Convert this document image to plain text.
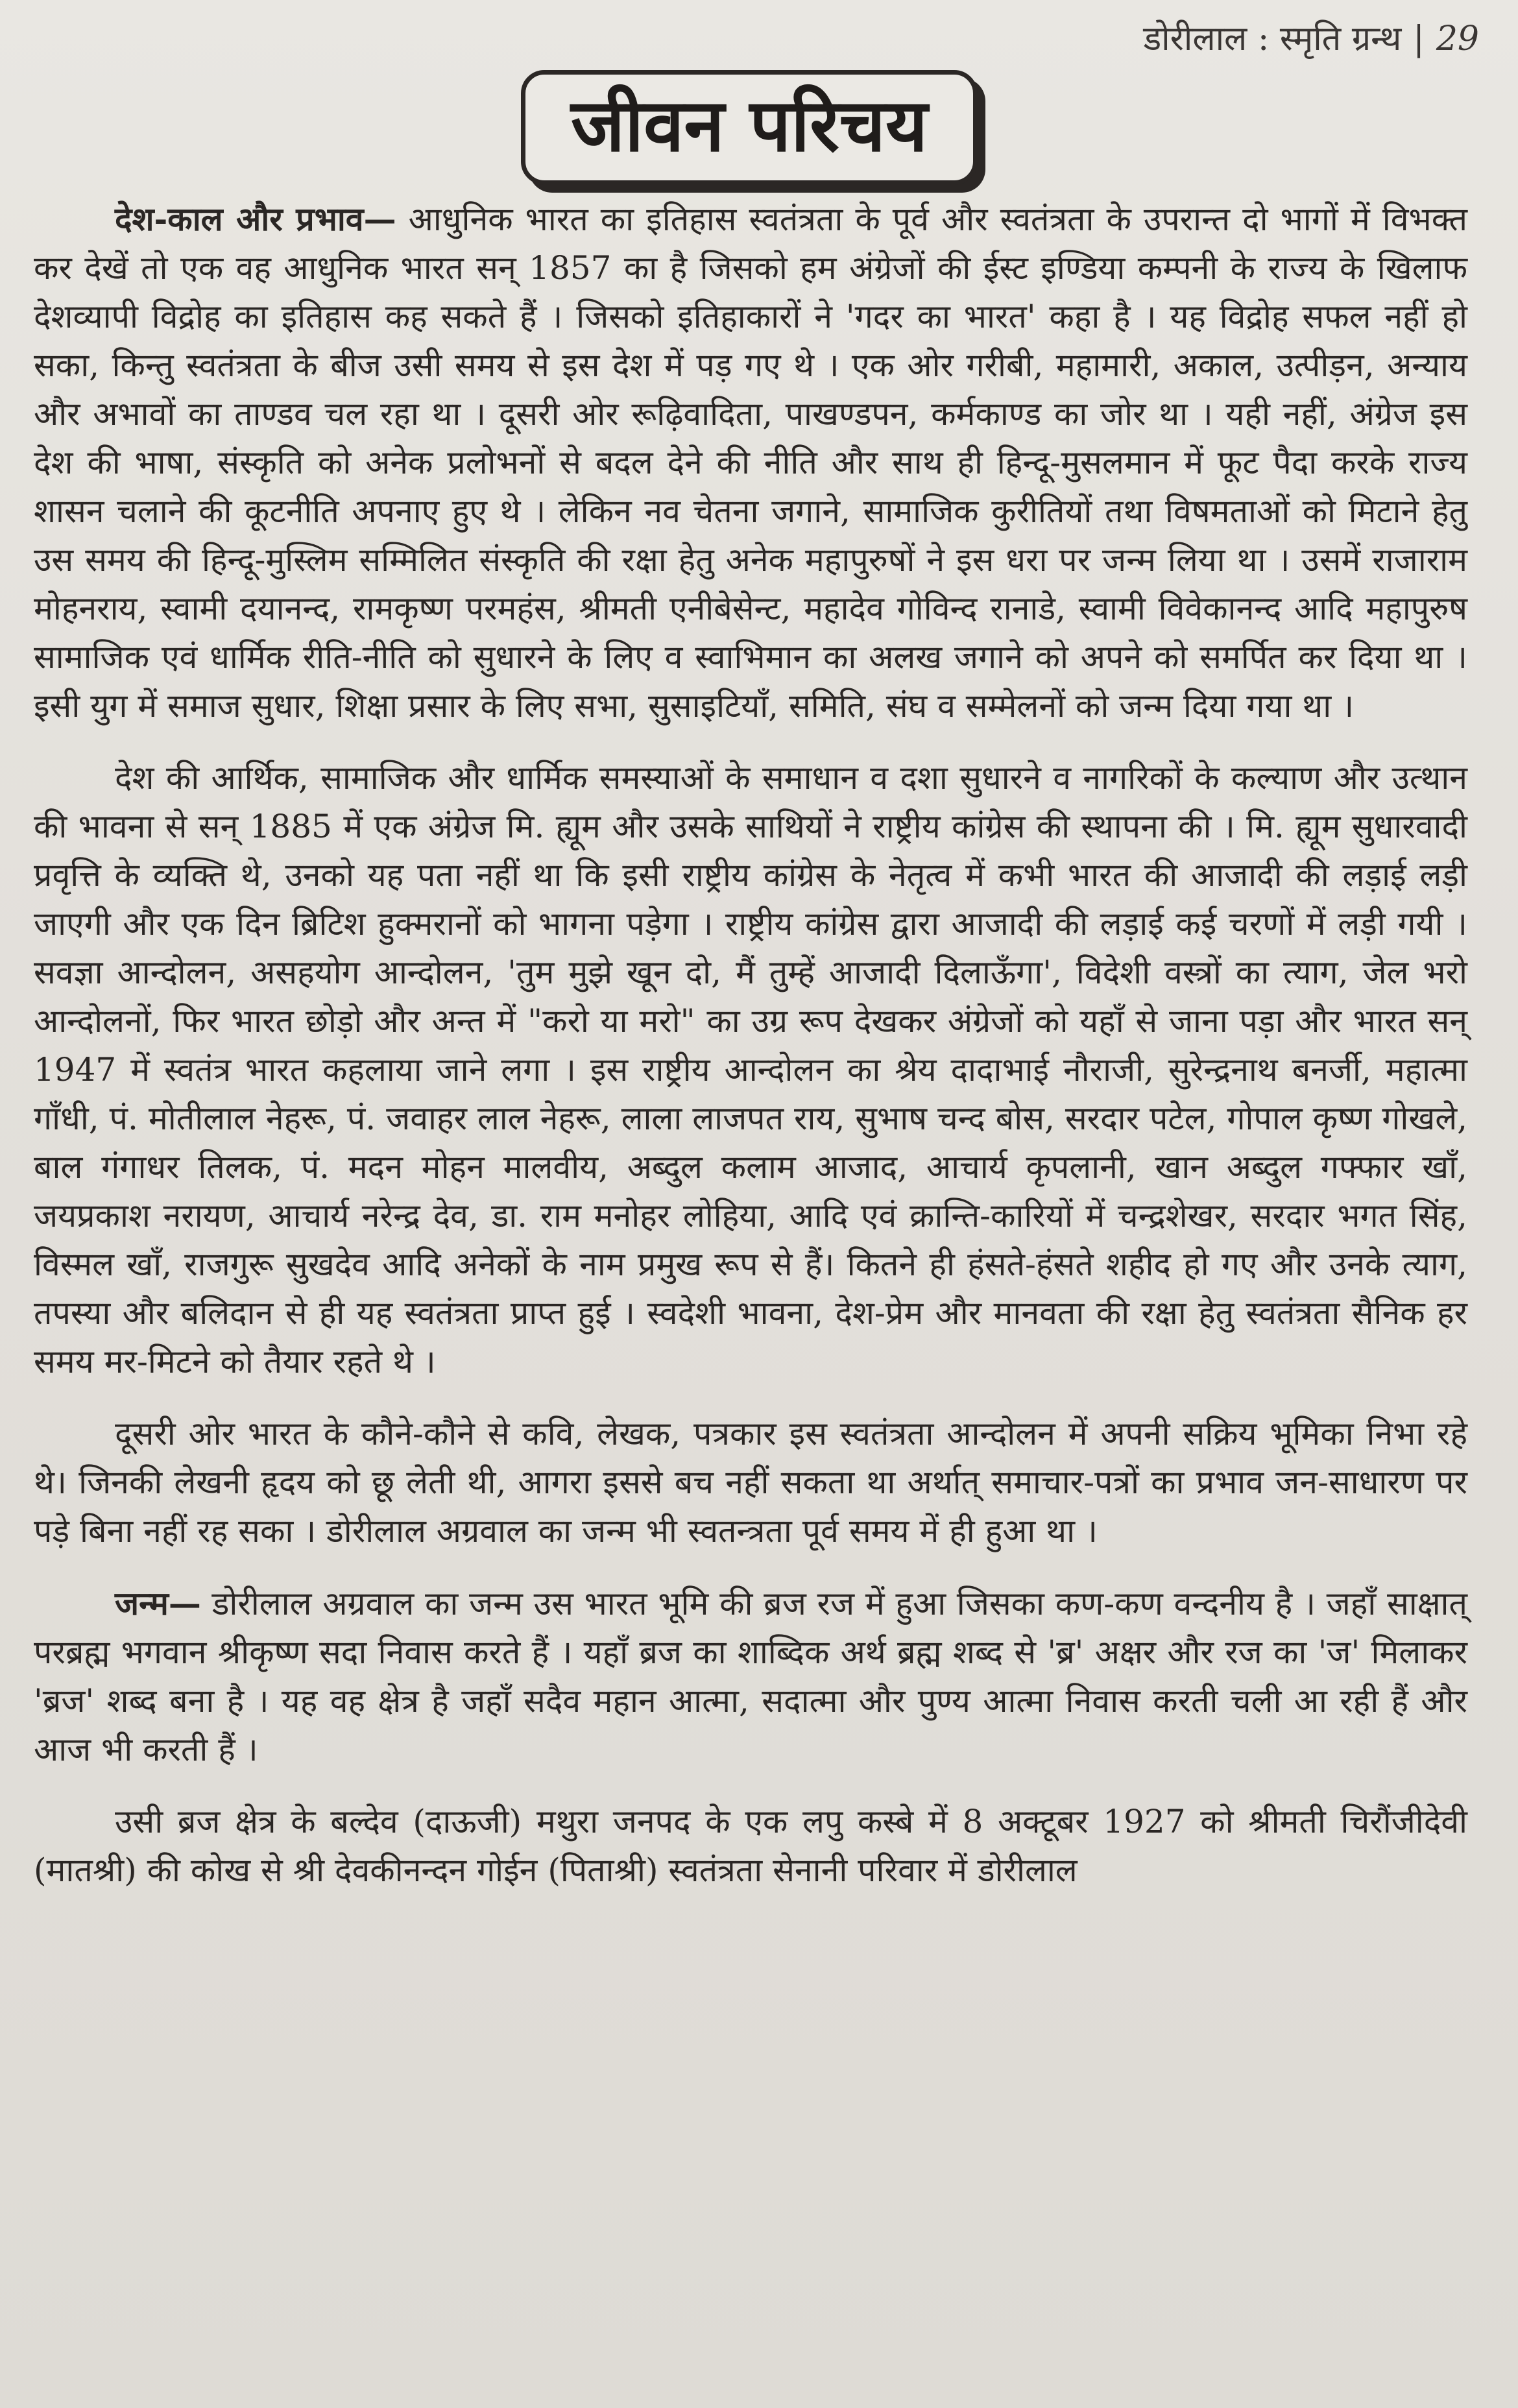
डोरीलाल : स्मृति ग्रन्थ | 29
जीवन परिचय

देश-काल और प्रभाव— आधुनिक भारत का इतिहास स्वतंत्रता के पूर्व और स्वतंत्रता के उपरान्त दो भागों में विभक्त कर देखें तो एक वह आधुनिक भारत सन् 1857 का है जिसको हम अंग्रेजों की ईस्ट इण्डिया कम्पनी के राज्य के खिलाफ देशव्यापी विद्रोह का इतिहास कह सकते हैं । जिसको इतिहाकारों ने 'गदर का भारत' कहा है । यह विद्रोह सफल नहीं हो सका, किन्तु स्वतंत्रता के बीज उसी समय से इस देश में पड़ गए थे । एक ओर गरीबी, महामारी, अकाल, उत्पीड़न, अन्याय और अभावों का ताण्डव चल रहा था । दूसरी ओर रूढ़िवादिता, पाखण्डपन, कर्मकाण्ड का जोर था । यही नहीं, अंग्रेज इस देश की भाषा, संस्कृति को अनेक प्रलोभनों से बदल देने की नीति और साथ ही हिन्दू-मुसलमान में फूट पैदा करके राज्य शासन चलाने की कूटनीति अपनाए हुए थे । लेकिन नव चेतना जगाने, सामाजिक कुरीतियों तथा विषमताओं को मिटाने हेतु उस समय की हिन्दू-मुस्लिम सम्मिलित संस्कृति की रक्षा हेतु अनेक महापुरुषों ने इस धरा पर जन्म लिया था । उसमें राजाराम मोहनराय, स्वामी दयानन्द, रामकृष्ण परमहंस, श्रीमती एनीबेसेन्ट, महादेव गोविन्द रानाडे, स्वामी विवेकानन्द आदि महापुरुष सामाजिक एवं धार्मिक रीति-नीति को सुधारने के लिए व स्वाभिमान का अलख जगाने को अपने को समर्पित कर दिया था । इसी युग में समाज सुधार, शिक्षा प्रसार के लिए सभा, सुसाइटियाँ, समिति, संघ व सम्मेलनों को जन्म दिया गया था ।

देश की आर्थिक, सामाजिक और धार्मिक समस्याओं के समाधान व दशा सुधारने व नागरिकों के कल्याण और उत्थान की भावना से सन् 1885 में एक अंग्रेज मि. ह्यूम और उसके साथियों ने राष्ट्रीय कांग्रेस की स्थापना की । मि. ह्यूम सुधारवादी प्रवृत्ति के व्यक्ति थे, उनको यह पता नहीं था कि इसी राष्ट्रीय कांग्रेस के नेतृत्व में कभी भारत की आजादी की लड़ाई लड़ी जाएगी और एक दिन ब्रिटिश हुक्मरानों को भागना पड़ेगा । राष्ट्रीय कांग्रेस द्वारा आजादी की लड़ाई कई चरणों में लड़ी गयी । सवज्ञा आन्दोलन, असहयोग आन्दोलन, 'तुम मुझे खून दो, मैं तुम्हें आजादी दिलाऊँगा', विदेशी वस्त्रों का त्याग, जेल भरो आन्दोलनों, फिर भारत छोड़ो और अन्त में "करो या मरो" का उग्र रूप देखकर अंग्रेजों को यहाँ से जाना पड़ा और भारत सन् 1947 में स्वतंत्र भारत कहलाया जाने लगा । इस राष्ट्रीय आन्दोलन का श्रेय दादाभाई नौराजी, सुरेन्द्रनाथ बनर्जी, महात्मा गाँधी, पं. मोतीलाल नेहरू, पं. जवाहर लाल नेहरू, लाला लाजपत राय, सुभाष चन्द बोस, सरदार पटेल, गोपाल कृष्ण गोखले, बाल गंगाधर तिलक, पं. मदन मोहन मालवीय, अब्दुल कलाम आजाद, आचार्य कृपलानी, खान अब्दुल गफ्फार खाँ, जयप्रकाश नरायण, आचार्य नरेन्द्र देव, डा. राम मनोहर लोहिया, आदि एवं क्रान्ति-कारियों में चन्द्रशेखर, सरदार भगत सिंह, विस्मल खाँ, राजगुरू सुखदेव आदि अनेकों के नाम प्रमुख रूप से हैं। कितने ही हंसते-हंसते शहीद हो गए और उनके त्याग, तपस्या और बलिदान से ही यह स्वतंत्रता प्राप्त हुई । स्वदेशी भावना, देश-प्रेम और मानवता की रक्षा हेतु स्वतंत्रता सैनिक हर समय मर-मिटने को तैयार रहते थे ।

दूसरी ओर भारत के कौने-कौने से कवि, लेखक, पत्रकार इस स्वतंत्रता आन्दोलन में अपनी सक्रिय भूमिका निभा रहे थे। जिनकी लेखनी हृदय को छू लेती थी, आगरा इससे बच नहीं सकता था अर्थात् समाचार-पत्रों का प्रभाव जन-साधारण पर पड़े बिना नहीं रह सका । डोरीलाल अग्रवाल का जन्म भी स्वतन्त्रता पूर्व समय में ही हुआ था ।

जन्म— डोरीलाल अग्रवाल का जन्म उस भारत भूमि की ब्रज रज में हुआ जिसका कण-कण वन्दनीय है । जहाँ साक्षात् परब्रह्म भगवान श्रीकृष्ण सदा निवास करते हैं । यहाँ ब्रज का शाब्दिक अर्थ ब्रह्म शब्द से 'ब्र' अक्षर और रज का 'ज' मिलाकर 'ब्रज' शब्द बना है । यह वह क्षेत्र है जहाँ सदैव महान आत्मा, सदात्मा और पुण्य आत्मा निवास करती चली आ रही हैं और आज भी करती हैं ।

उसी ब्रज क्षेत्र के बल्देव (दाऊजी) मथुरा जनपद के एक लपु कस्बे में 8 अक्टूबर 1927 को श्रीमती चिरौंजीदेवी (मातश्री) की कोख से श्री देवकीनन्दन गोईन (पिताश्री) स्वतंत्रता सेनानी परिवार में डोरीलाल
